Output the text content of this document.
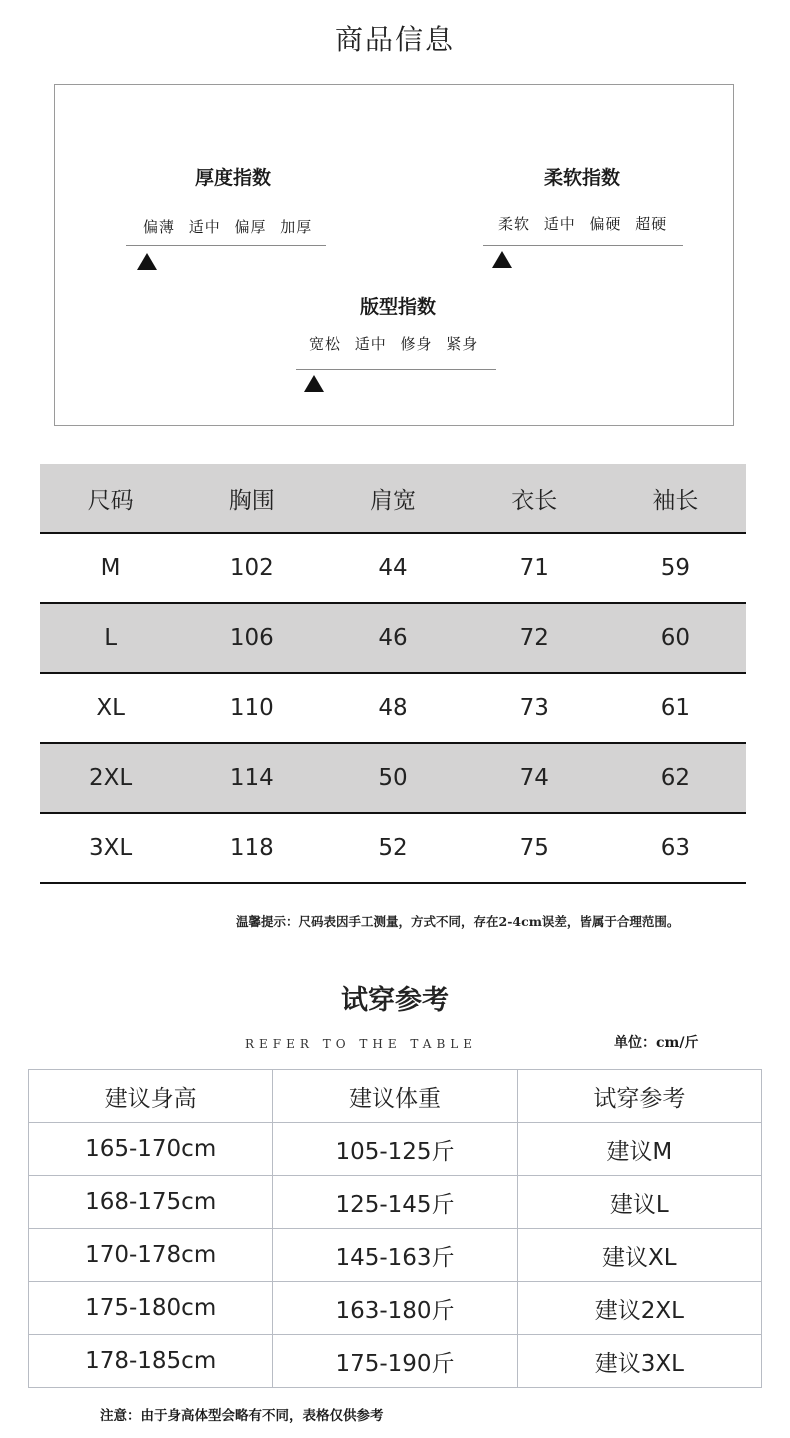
商品信息
厚度指数
偏薄 适中 偏厚 加厚
柔软指数
柔软 适中 偏硬 超硬
版型指数
宽松 适中 修身 紧身
尺码	胸围	肩宽	衣长	袖长
M	102	44	71	59
L	106	46	72	60
XL	110	48	73	61
2XL	114	50	74	62
3XL	118	52	75	63
温馨提示：尺码表因手工测量，方式不同，存在2-4cm误差，皆属于合理范围。
试穿参考
REFER TO THE TABLE	单位：cm/斤
建议身高	建议体重	试穿参考
165-170cm	105-125斤	建议M
168-175cm	125-145斤	建议L
170-178cm	145-163斤	建议XL
175-180cm	163-180斤	建议2XL
178-185cm	175-190斤	建议3XL
注意：由于身高体型会略有不同，表格仅供参考
